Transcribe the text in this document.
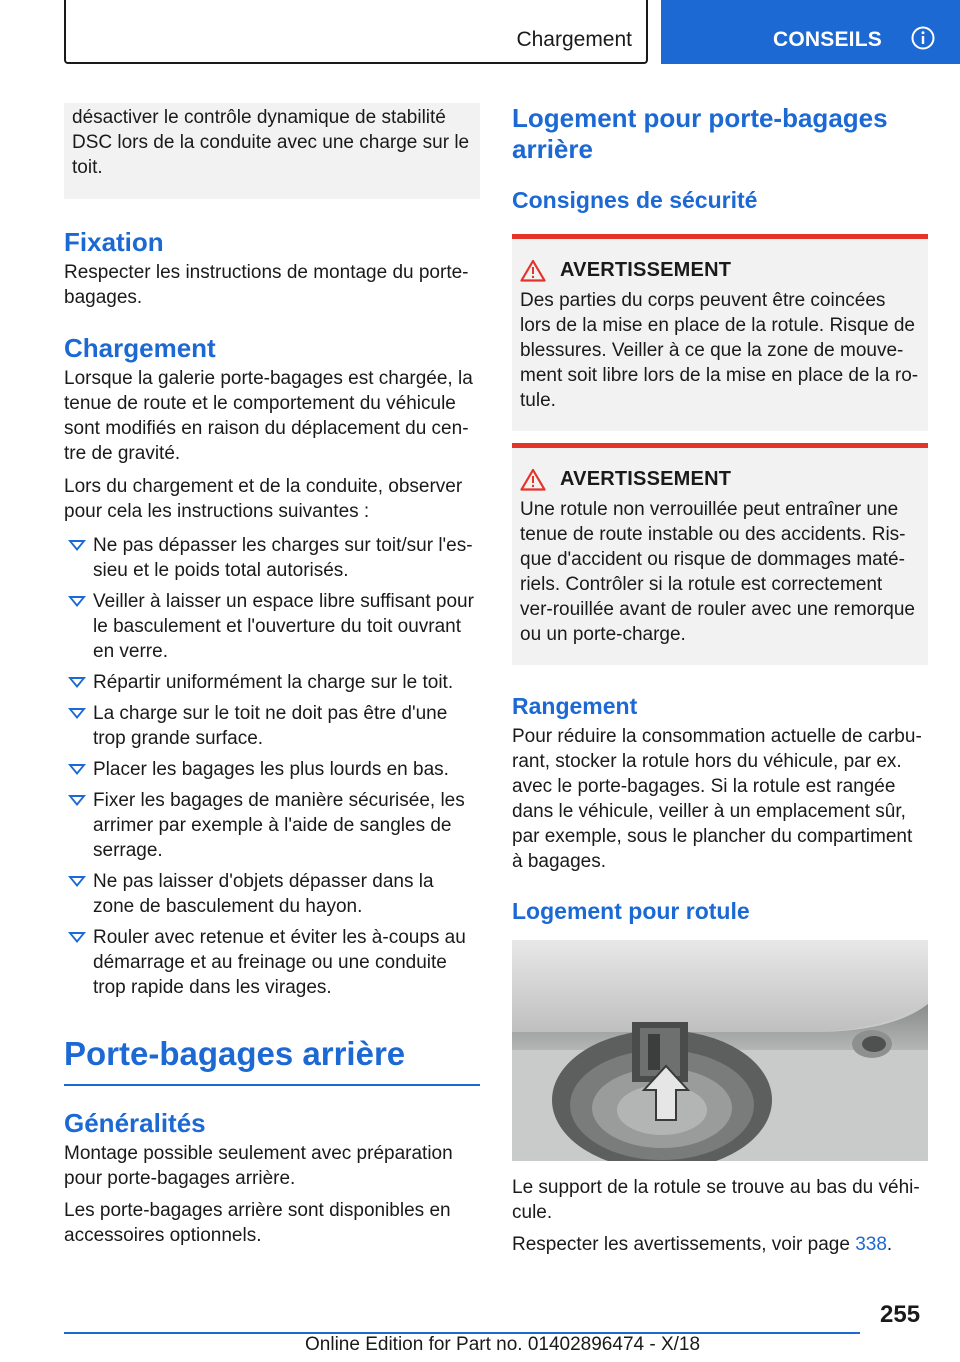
Chargement	CONSEILS

désactiver le contrôle dynamique de stabilité DSC lors de la conduite avec une charge sur le toit.

Fixation

Respecter les instructions de montage du porte-bagages.

Chargement

Lorsque la galerie porte-bagages est chargée, la tenue de route et le comportement du véhicule sont modifiés en raison du déplacement du cen-tre de gravité.

Lors du chargement et de la conduite, observer pour cela les instructions suivantes :

Ne pas dépasser les charges sur toit/sur l'es-sieu et le poids total autorisés.
Veiller à laisser un espace libre suffisant pour le basculement et l'ouverture du toit ouvrant en verre.
Répartir uniformément la charge sur le toit.
La charge sur le toit ne doit pas être d'une trop grande surface.
Placer les bagages les plus lourds en bas.
Fixer les bagages de manière sécurisée, les arrimer par exemple à l'aide de sangles de serrage.
Ne pas laisser d'objets dépasser dans la zone de basculement du hayon.
Rouler avec retenue et éviter les à-coups au démarrage et au freinage ou une conduite trop rapide dans les virages.
Porte-bagages arrière
Généralités

Montage possible seulement avec préparation pour porte-bagages arrière.

Les porte-bagages arrière sont disponibles en accessoires optionnels.

Logement pour porte-bagages arrière
Consignes de sécurité
AVERTISSEMENT

Des parties du corps peuvent être coincées lors de la mise en place de la rotule. Risque de blessures. Veiller à ce que la zone de mouve-ment soit libre lors de la mise en place de la ro-tule.

AVERTISSEMENT

Une rotule non verrouillée peut entraîner une tenue de route instable ou des accidents. Ris-que d'accident ou risque de dommages maté-riels. Contrôler si la rotule est correctement ver-rouillée avant de rouler avec une remorque ou un porte-charge.

Rangement

Pour réduire la consommation actuelle de carbu-rant, stocker la rotule hors du véhicule, par ex. avec le porte-bagages. Si la rotule est rangée dans le véhicule, veiller à un emplacement sûr, par exemple, sous le plancher du compartiment à bagages.

Logement pour rotule

Le support de la rotule se trouve au bas du véhi-cule.

Respecter les avertissements, voir page 338.

255
Online Edition for Part no. 01402896474 - X/18
